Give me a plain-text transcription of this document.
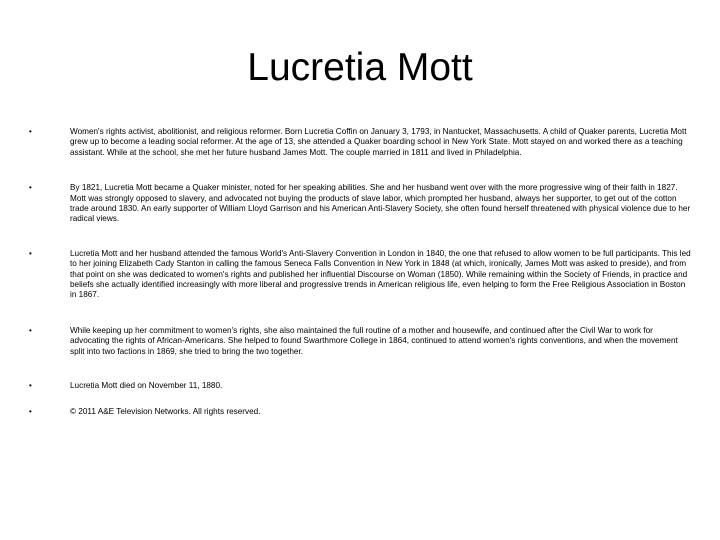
Lucretia Mott
•	Women's rights activist, abolitionist, and religious reformer. Born Lucretia Coffin on January 3, 1793, in Nantucket, Massachusetts. A child of Quaker parents, Lucretia Mott grew up to become a leading social reformer. At the age of 13, she attended a Quaker boarding school in New York State. Mott stayed on and worked there as a teaching assistant. While at the school, she met her future husband James Mott. The couple married in 1811 and lived in Philadelphia.
•	By 1821, Lucretia Mott became a Quaker minister, noted for her speaking abilities. She and her husband went over with the more progressive wing of their faith in 1827. Mott was strongly opposed to slavery, and advocated not buying the products of slave labor, which prompted her husband, always her supporter, to get out of the cotton trade around 1830. An early supporter of William Lloyd Garrison and his American Anti-Slavery Society, she often found herself threatened with physical violence due to her radical views.
•	Lucretia Mott and her husband attended the famous World's Anti-Slavery Convention in London in 1840, the one that refused to allow women to be full participants. This led to her joining Elizabeth Cady Stanton in calling the famous Seneca Falls Convention in New York in 1848 (at which, ironically, James Mott was asked to preside), and from that point on she was dedicated to women's rights and published her influential Discourse on Woman (1850). While remaining within the Society of Friends, in practice and beliefs she actually identified increasingly with more liberal and progressive trends in American religious life, even helping to form the Free Religious Association in Boston in 1867.
•	While keeping up her commitment to women's rights, she also maintained the full routine of a mother and housewife, and continued after the Civil War to work for advocating the rights of African-Americans. She helped to found Swarthmore College in 1864, continued to attend women's rights conventions, and when the movement split into two factions in 1869, she tried to bring the two together.
•	Lucretia Mott died on November 11, 1880.
•	© 2011 A&E Television Networks. All rights reserved.
